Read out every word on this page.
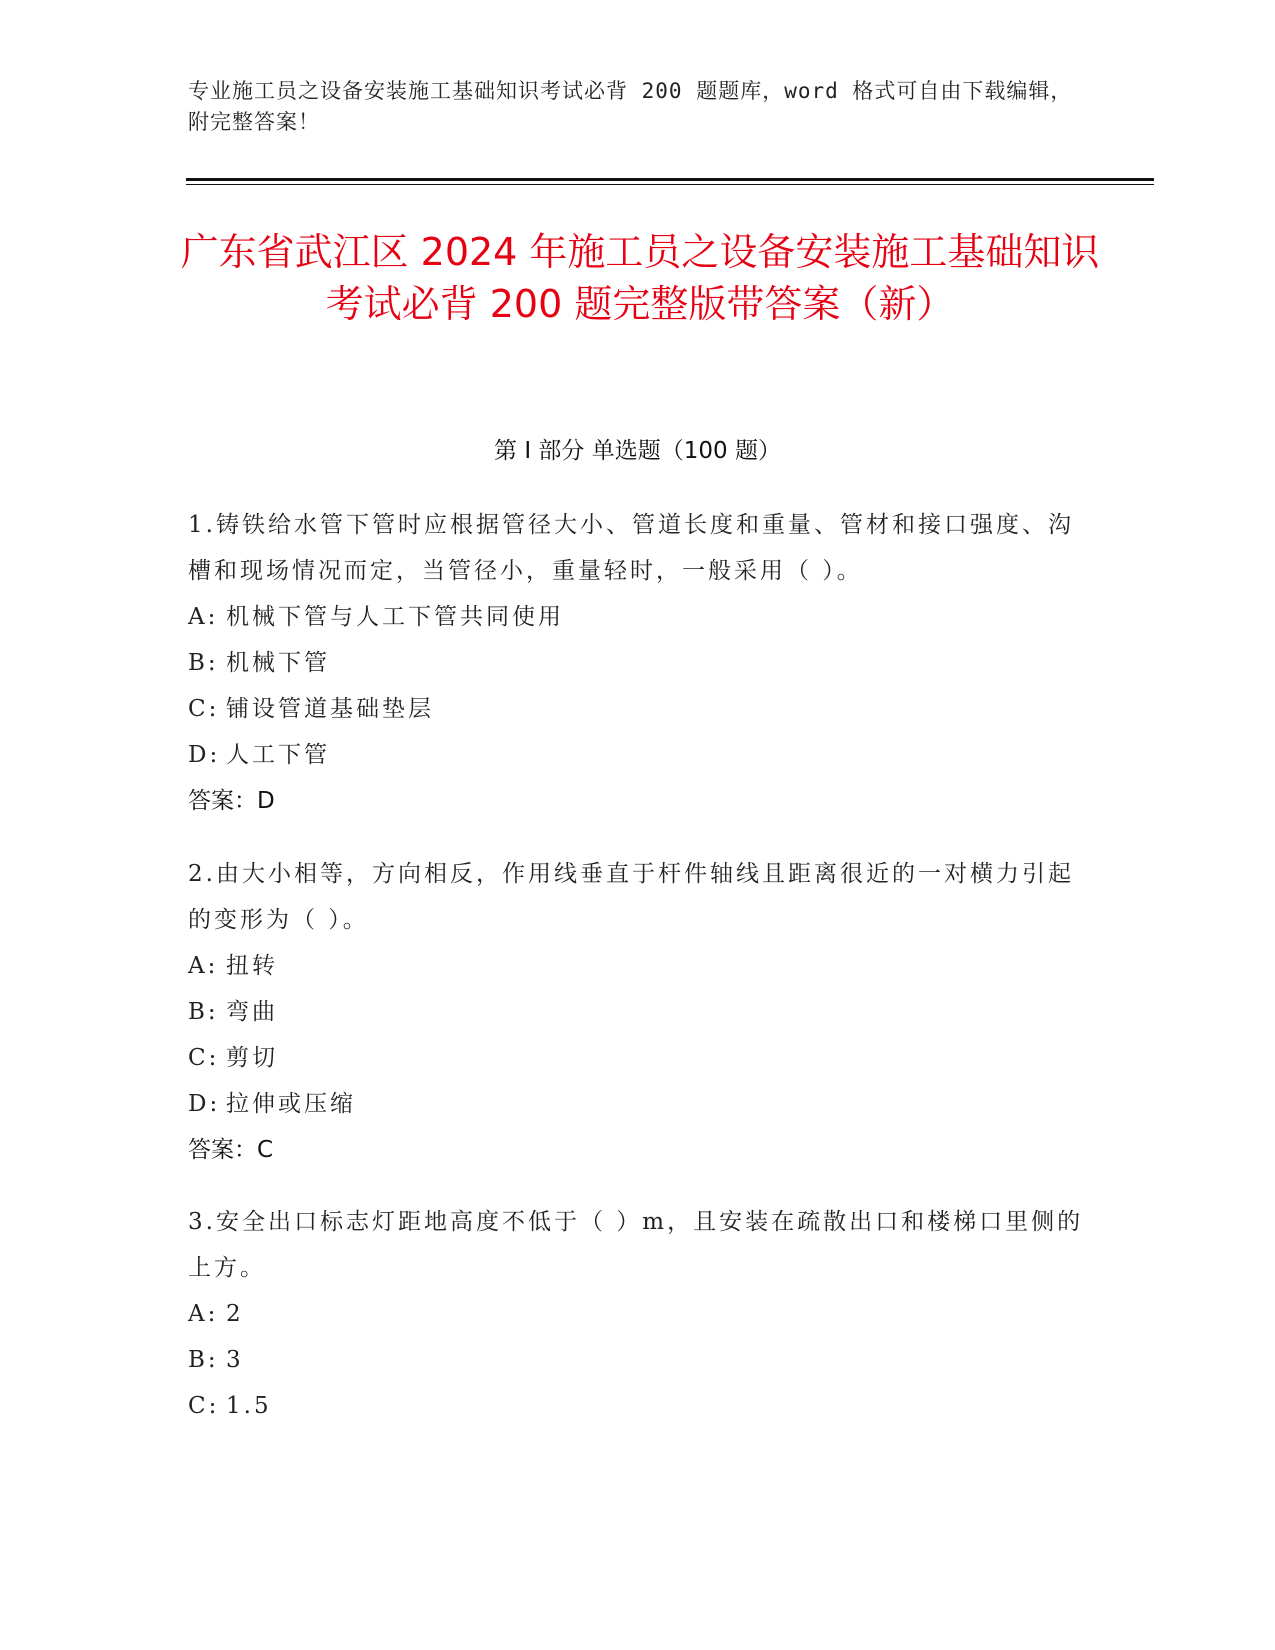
专业施工员之设备安装施工基础知识考试必背 200 题题库，word 格式可自由下载编辑，附完整答案！
广东省武江区 2024 年施工员之设备安装施工基础知识考试必背 200 题完整版带答案（新）
第 I 部分 单选题（100 题）

1.铸铁给水管下管时应根据管径大小、管道长度和重量、管材和接口强度、沟槽和现场情况而定，当管径小，重量轻时，一般采用（ ）。

A: 机械下管与人工下管共同使用

B: 机械下管

C: 铺设管道基础垫层

D: 人工下管

答案：D

2.由大小相等，方向相反，作用线垂直于杆件轴线且距离很近的一对横力引起的变形为（ ）。

A: 扭转

B: 弯曲

C: 剪切

D: 拉伸或压缩

答案：C

3.安全出口标志灯距地高度不低于（ ）m，且安装在疏散出口和楼梯口里侧的上方。

A: 2

B: 3

C: 1.5
